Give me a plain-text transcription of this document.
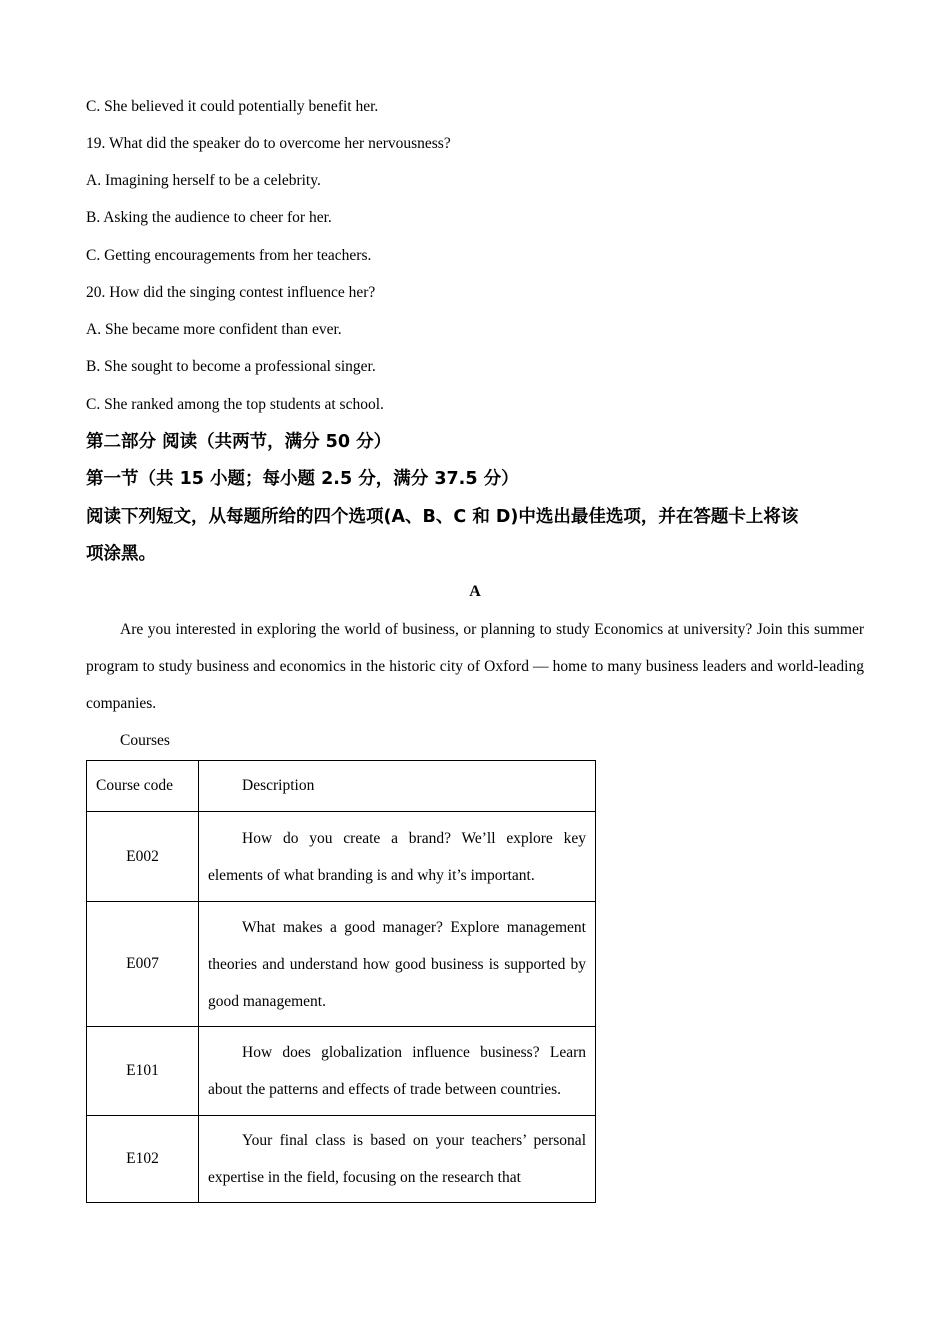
C. She believed it could potentially benefit her.
19. What did the speaker do to overcome her nervousness?
A. Imagining herself to be a celebrity.
B. Asking the audience to cheer for her.
C. Getting encouragements from her teachers.
20. How did the singing contest influence her?
A. She became more confident than ever.
B. She sought to become a professional singer.
C. She ranked among the top students at school.
第二部分 阅读（共两节，满分 50 分）
第一节（共 15 小题；每小题 2.5 分，满分 37.5 分）
阅读下列短文，从每题所给的四个选项(A、B、C 和 D)中选出最佳选项，并在答题卡上将该
项涂黑。
A

Are you interested in exploring the world of business, or planning to study Economics at university? Join this summer program to study business and economics in the historic city of Oxford — home to many business leaders and world-leading companies.

Courses
Course code	Description
E002	How do you create a brand? We’ll explore key elements of what branding is and why it’s important.

E007	What makes a good manager? Explore management theories and understand how good business is supported by good management.

E101	How does globalization influence business? Learn about the patterns and effects of trade between countries.

E102	Your final class is based on your teachers’ personal expertise in the field, focusing on the research that
